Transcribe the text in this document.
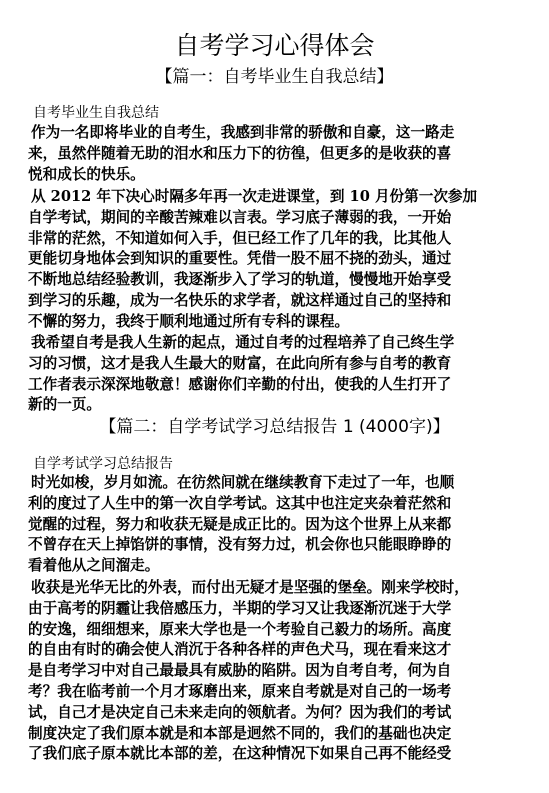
自考学习心得体会
【篇一：自考毕业生自我总结】
自考毕业生自我总结
作为一名即将毕业的自考生，我感到非常的骄傲和自豪，这一路走
来，虽然伴随着无助的泪水和压力下的彷徨，但更多的是收获的喜
悦和成长的快乐。
从 2012 年下决心时隔多年再一次走进课堂，到 10 月份第一次参加
自学考试，期间的辛酸苦辣难以言表。学习底子薄弱的我，一开始
非常的茫然，不知道如何入手，但已经工作了几年的我，比其他人
更能切身地体会到知识的重要性。凭借一股不屈不挠的劲头，通过
不断地总结经验教训，我逐渐步入了学习的轨道，慢慢地开始享受
到学习的乐趣，成为一名快乐的求学者，就这样通过自己的坚持和
不懈的努力，我终于顺利地通过所有专科的课程。
我希望自考是我人生新的起点，通过自考的过程培养了自己终生学
习的习惯，这才是我人生最大的财富，在此向所有参与自考的教育
工作者表示深深地敬意！感谢你们辛勤的付出，使我的人生打开了
新的一页。
【篇二：自学考试学习总结报告 1 (4000字)】
自学考试学习总结报告
时光如梭，岁月如流。在彷然间就在继续教育下走过了一年，也顺
利的度过了人生中的第一次自学考试。这其中也注定夹杂着茫然和
觉醒的过程，努力和收获无疑是成正比的。因为这个世界上从来都
不曾存在天上掉馅饼的事情，没有努力过，机会你也只能眼睁睁的
看着他从之间溜走。
收获是光华无比的外表，而付出无疑才是坚强的堡垒。刚来学校时，
由于高考的阴霾让我倍感压力，半期的学习又让我逐渐沉迷于大学
的安逸，细细想来，原来大学也是一个考验自己毅力的场所。高度
的自由有时的确会使人消沉于各种各样的声色犬马，现在看来这才
是自考学习中对自己最最具有威胁的陷阱。因为自考自考，何为自
考？我在临考前一个月才琢磨出来，原来自考就是对自己的一场考
试，自己才是决定自己未来走向的领航者。为何？因为我们的考试
制度决定了我们原本就是和本部是迥然不同的，我们的基础也决定
了我们底子原本就比本部的差，在这种情况下如果自己再不能经受
